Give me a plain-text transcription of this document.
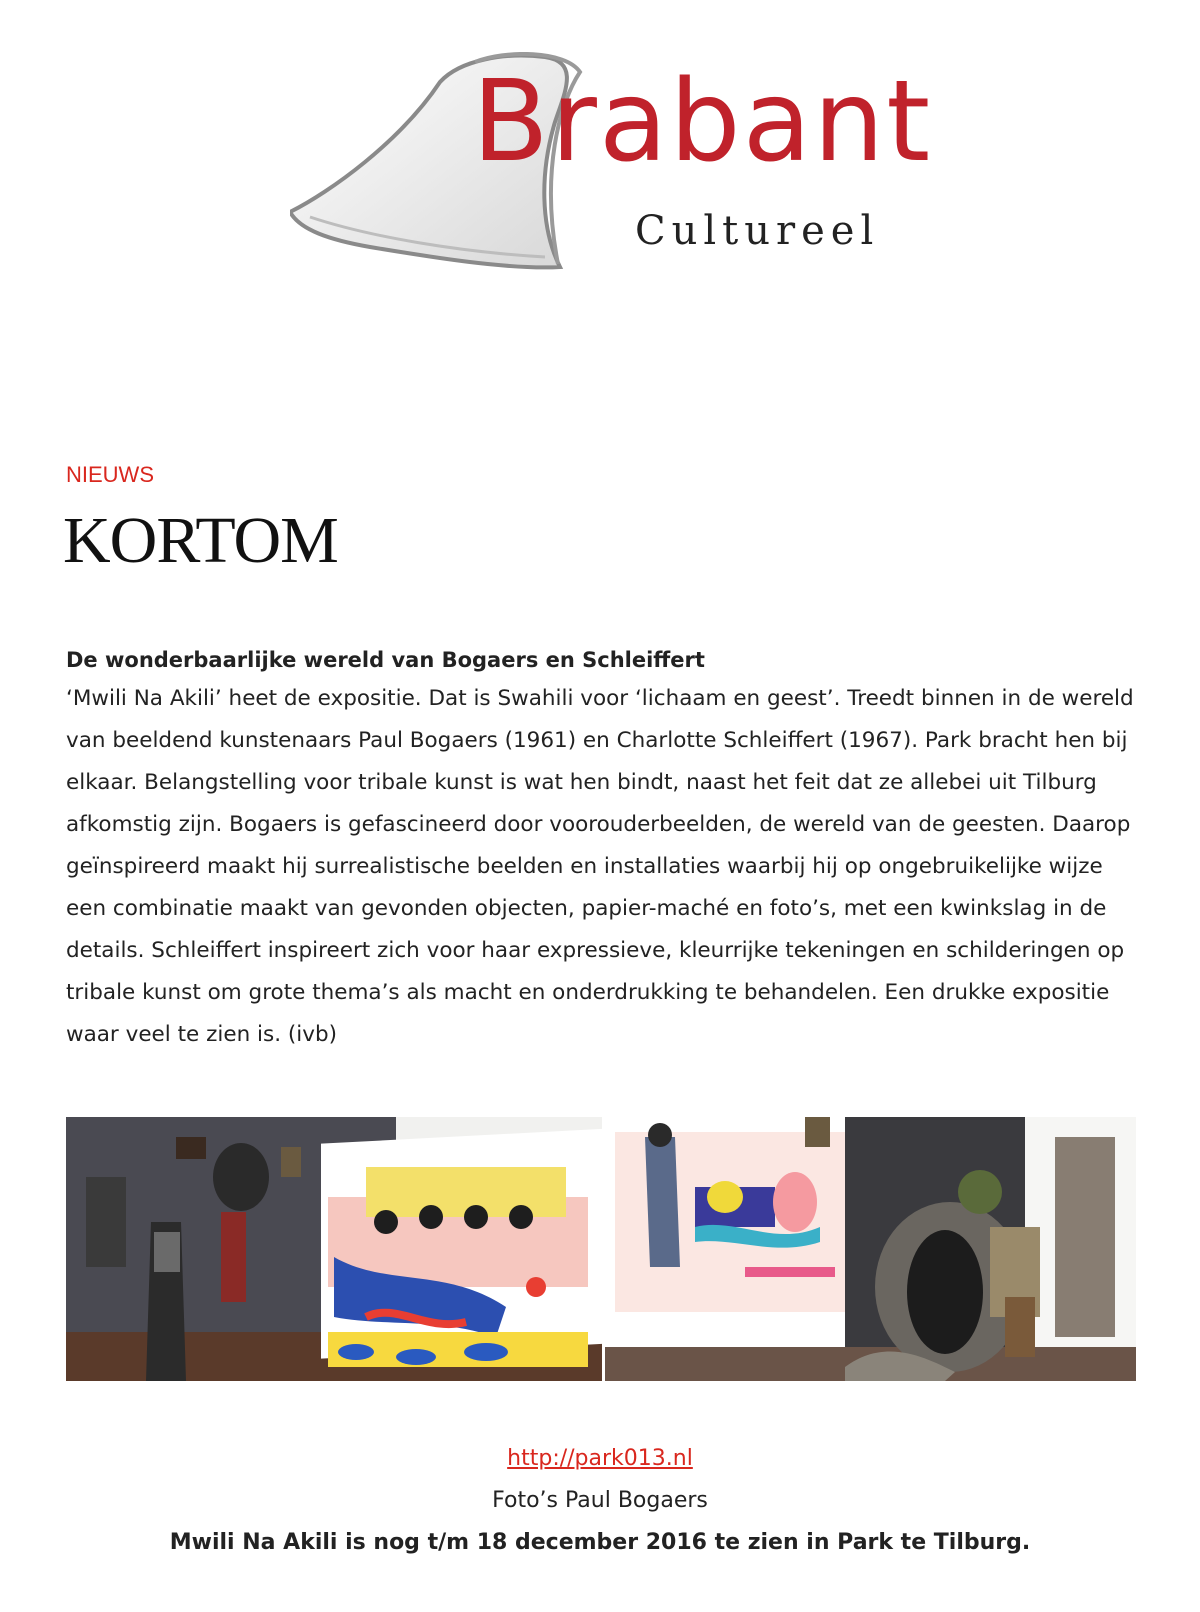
Brabant
Cultureel

NIEUWS

KORTOM

De wonderbaarlijke wereld van Bogaers en Schleiffert

‘Mwili Na Akili’ heet de expositie. Dat is Swahili voor ‘lichaam en geest’. Treedt binnen in de wereld van beeldend kunstenaars Paul Bogaers (1961) en Charlotte Schleiffert (1967). Park bracht hen bij elkaar. Belangstelling voor tribale kunst is wat hen bindt, naast het feit dat ze allebei uit Tilburg afkomstig zijn. Bogaers is gefascineerd door voorouderbeelden, de wereld van de geesten. Daarop geïnspireerd maakt hij surrealistische beelden en installaties waarbij hij op ongebruikelijke wijze een combinatie maakt van gevonden objecten, papier-maché en foto’s, met een kwinkslag in de details. Schleiffert inspireert zich voor haar expressieve, kleurrijke tekeningen en schilderingen op tribale kunst om grote thema’s als macht en onderdrukking te behandelen. Een drukke expositie waar veel te zien is. (ivb)

http://park013.nl
Foto’s Paul Bogaers
Mwili Na Akili is nog t/m 18 december 2016 te zien in Park te Tilburg.
